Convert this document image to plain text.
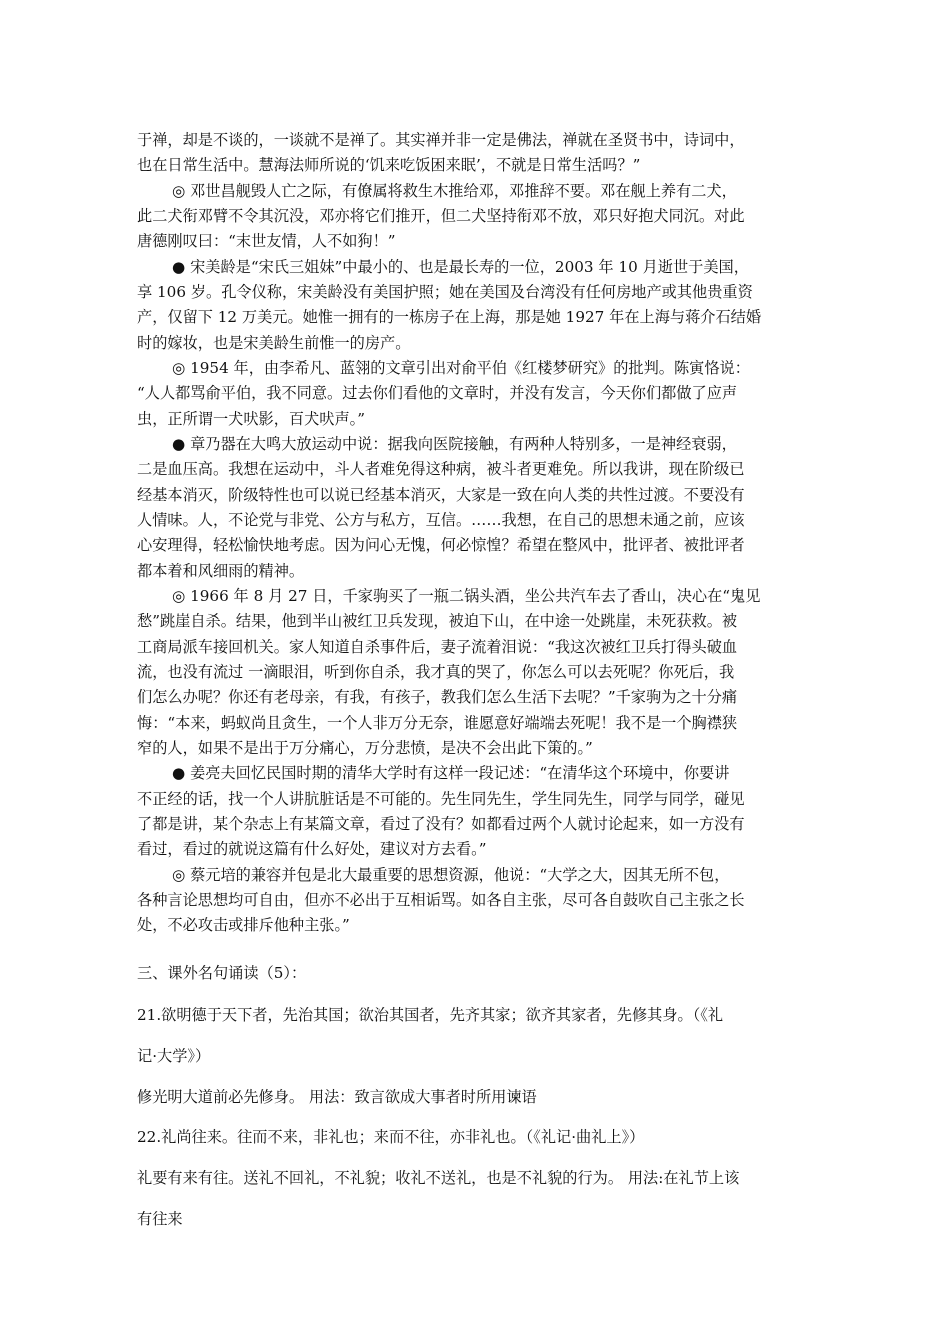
于禅，却是不谈的，一谈就不是禅了。其实禅并非一定是佛法，禅就在圣贤书中，诗词中，
也在日常生活中。慧海法师所说的‘饥来吃饭困来眠’，不就是日常生活吗？”
◎ 邓世昌舰毁人亡之际，有僚属将救生木推给邓，邓推辞不要。邓在舰上养有二犬，
此二犬衔邓臂不令其沉没，邓亦将它们推开，但二犬坚持衔邓不放，邓只好抱犬同沉。对此
唐德刚叹曰：“末世友情，人不如狗！”
● 宋美龄是“宋氏三姐妹”中最小的、也是最长寿的一位，2003 年 10 月逝世于美国，
享 106 岁。孔令仪称，宋美龄没有美国护照；她在美国及台湾没有任何房地产或其他贵重资
产，仅留下 12 万美元。她惟一拥有的一栋房子在上海，那是她 1927 年在上海与蒋介石结婚
时的嫁妆，也是宋美龄生前惟一的房产。
◎ 1954 年，由李希凡、蓝翎的文章引出对俞平伯《红楼梦研究》的批判。陈寅恪说：
“人人都骂俞平伯，我不同意。过去你们看他的文章时，并没有发言，今天你们都做了应声
虫，正所谓一犬吠影，百犬吠声。”
● 章乃器在大鸣大放运动中说：据我向医院接触，有两种人特别多，一是神经衰弱，
二是血压高。我想在运动中，斗人者难免得这种病，被斗者更难免。所以我讲，现在阶级已
经基本消灭，阶级特性也可以说已经基本消灭，大家是一致在向人类的共性过渡。不要没有
人情味。人，不论党与非党、公方与私方，互信。……我想，在自己的思想未通之前，应该
心安理得，轻松愉快地考虑。因为问心无愧，何必惊惶？希望在整风中，批评者、被批评者
都本着和风细雨的精神。
◎ 1966 年 8 月 27 日，千家驹买了一瓶二锅头酒，坐公共汽车去了香山，决心在“鬼见
愁”跳崖自杀。结果，他到半山被红卫兵发现，被迫下山，在中途一处跳崖，未死获救。被
工商局派车接回机关。家人知道自杀事件后，妻子流着泪说：“我这次被红卫兵打得头破血
流，也没有流过 一滴眼泪，听到你自杀，我才真的哭了，你怎么可以去死呢？你死后，我
们怎么办呢？你还有老母亲，有我，有孩子，教我们怎么生活下去呢？”千家驹为之十分痛
悔：“本来，蚂蚁尚且贪生，一个人非万分无奈，谁愿意好端端去死呢！我不是一个胸襟狭
窄的人，如果不是出于万分痛心，万分悲愤，是决不会出此下策的。”
● 姜亮夫回忆民国时期的清华大学时有这样一段记述：“在清华这个环境中，你要讲
不正经的话，找一个人讲肮脏话是不可能的。先生同先生，学生同先生，同学与同学，碰见
了都是讲，某个杂志上有某篇文章，看过了没有？如都看过两个人就讨论起来，如一方没有
看过，看过的就说这篇有什么好处，建议对方去看。”
◎ 蔡元培的兼容并包是北大最重要的思想资源，他说：“大学之大，因其无所不包，
各种言论思想均可自由，但亦不必出于互相诟骂。如各自主张，尽可各自鼓吹自己主张之长
处，不必攻击或排斥他种主张。”
三、课外名句诵读（5）：
21.欲明德于天下者，先治其国；欲治其国者，先齐其家；欲齐其家者，先修其身。（《礼
记·大学》）
修光明大道前必先修身。 用法：致言欲成大事者时所用谏语
22.礼尚往来。往而不来，非礼也；来而不往，亦非礼也。（《礼记·曲礼上》）
礼要有来有往。送礼不回礼，不礼貌；收礼不送礼，也是不礼貌的行为。 用法:在礼节上该
有往来
